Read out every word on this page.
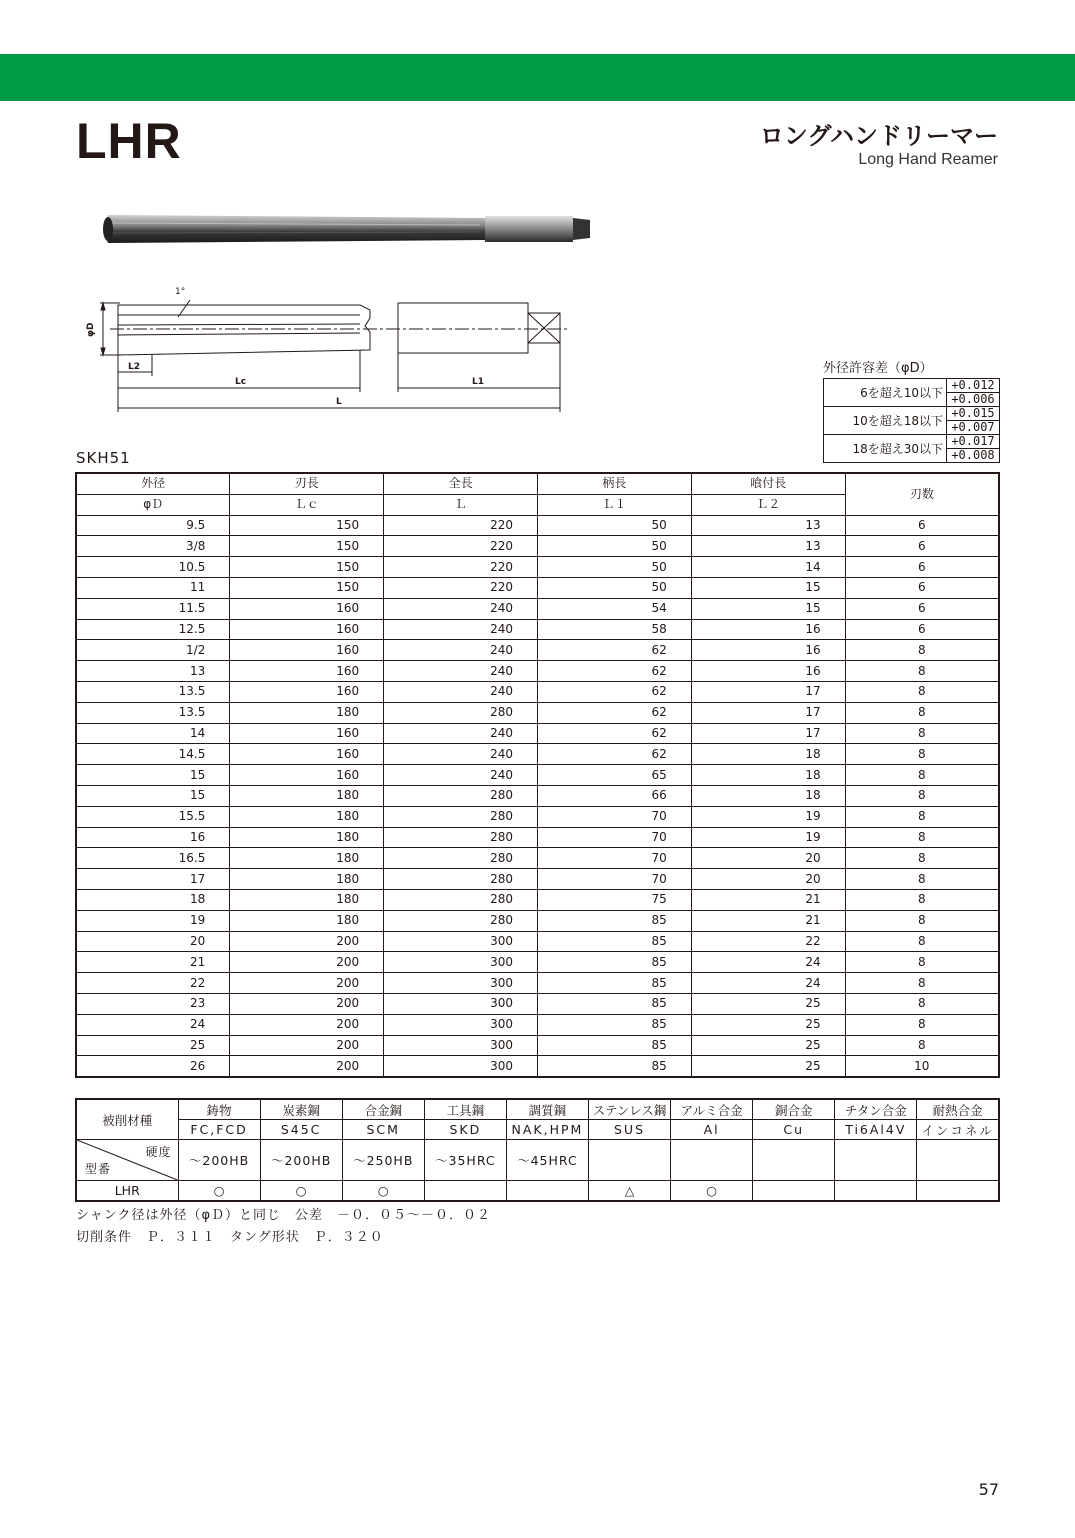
LHR	ロングハンドリーマー
Long Hand Reamer
φD
1°
L2
Lc	L1
L
外径許容差（φD）
6を超え10以下	+0.012
	+0.006
10を超え18以下	+0.015
	+0.007
18を超え30以下	+0.017
	+0.008
SKH51
外径	刃長	全長	柄長	喰付長	刃数
φＤ	Ｌｃ	Ｌ	Ｌ１	Ｌ２	
9.5	150	220	50	13	6
3/8	150	220	50	13	6
10.5	150	220	50	14	6
11	150	220	50	15	6
11.5	160	240	54	15	6
12.5	160	240	58	16	6
1/2	160	240	62	16	8
13	160	240	62	16	8
13.5	160	240	62	17	8
13.5	180	280	62	17	8
14	160	240	62	17	8
14.5	160	240	62	18	8
15	160	240	65	18	8
15	180	280	66	18	8
15.5	180	280	70	19	8
16	180	280	70	19	8
16.5	180	280	70	20	8
17	180	280	70	20	8
18	180	280	75	21	8
19	180	280	85	21	8
20	200	300	85	22	8
21	200	300	85	24	8
22	200	300	85	24	8
23	200	300	85	25	8
24	200	300	85	25	8
25	200	300	85	25	8
26	200	300	85	25	10
被削材種	鋳物	炭素鋼	合金鋼	工具鋼	調質鋼	ステンレス鋼	アルミ合金	銅合金	チタン合金	耐熱合金
	FC,FCD	S45C	SCM	SKD	NAK,HPM	SUS	Al	Cu	Ti6Al4V	インコネル

硬度
型番	〜200HB	〜200HB	〜250HB	〜35HRC	〜45HRC					
LHR	○	○	○			△	○			
シャンク径は外径（φＤ）と同じ　公差　－０．０５〜－０．０２
切削条件　Ｐ．３１１　タング形状　Ｐ．３２０
57
